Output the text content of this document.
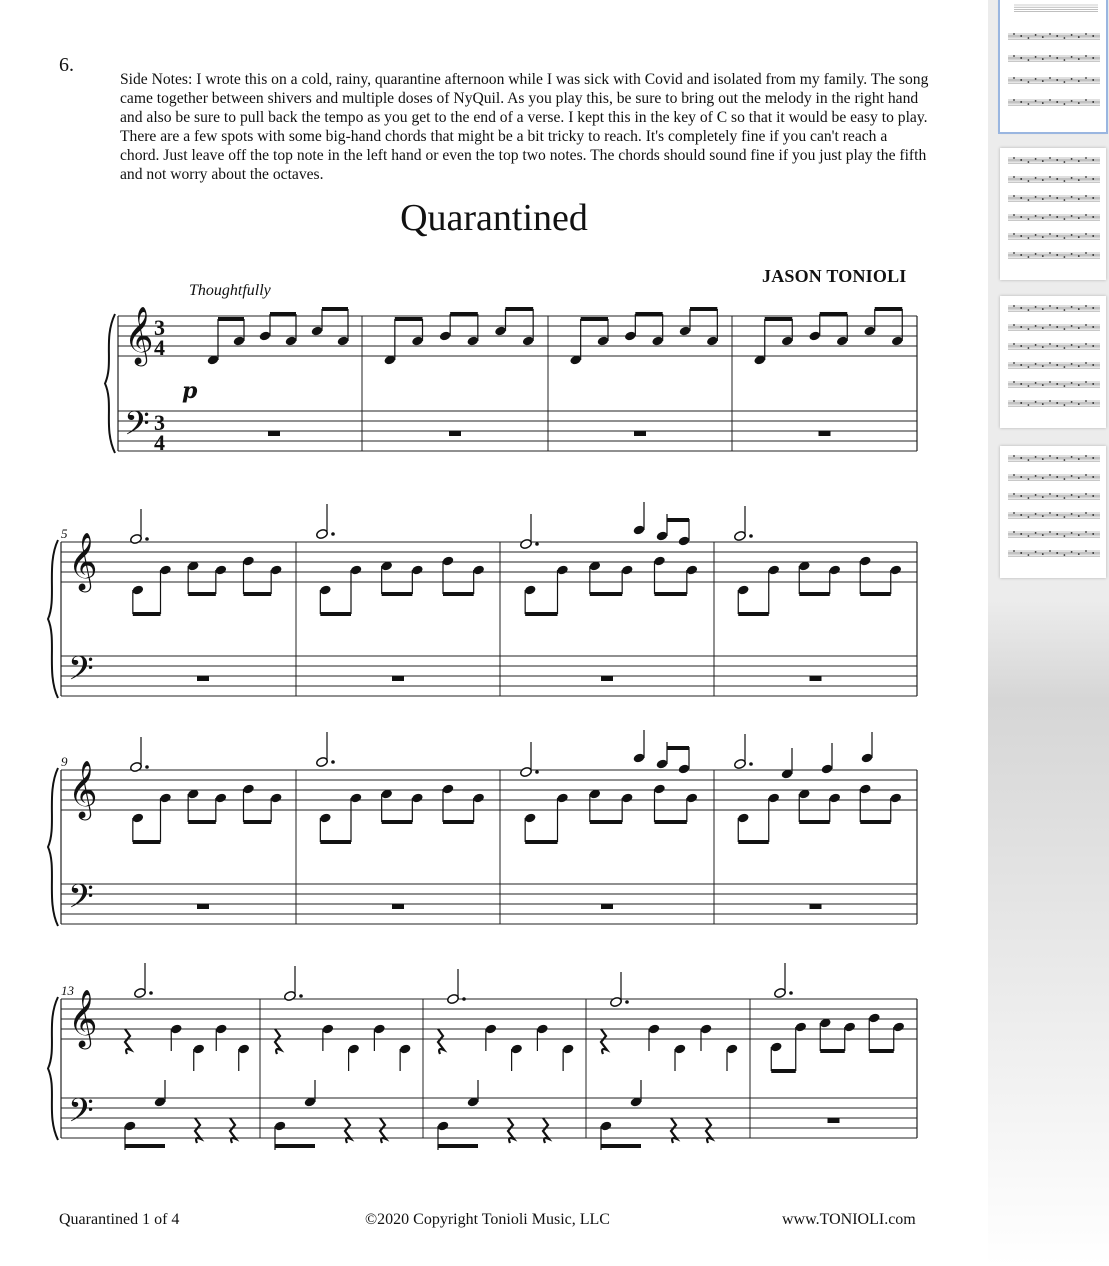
6.
Side Notes: I wrote this on a cold, rainy, quarantine afternoon while I was sick with Covid and isolated from my family. The song came together between shivers and multiple doses of NyQuil. As you play this, be sure to bring out the melody in the right hand and also be sure to pull back the tempo as you get to the end of a verse. I kept this in the key of C so that it would be easy to play. There are a few spots with some big-hand chords that might be a bit tricky to reach. It's completely fine if you can't reach a chord. Just leave off the top note in the left hand or even the top two notes. The chords should sound fine if you just play the fifth and not worry about the octaves.
Quarantined
JASON TONIOLI
Thoughtfully
𝄞
𝄢
3
4
3
4
p
𝄞
𝄢
5
𝄞
𝄢
9
𝄞
𝄢
13
Quarantined 1 of 4	©2020 Copyright Tonioli Music, LLC	www.TONIOLI.com
